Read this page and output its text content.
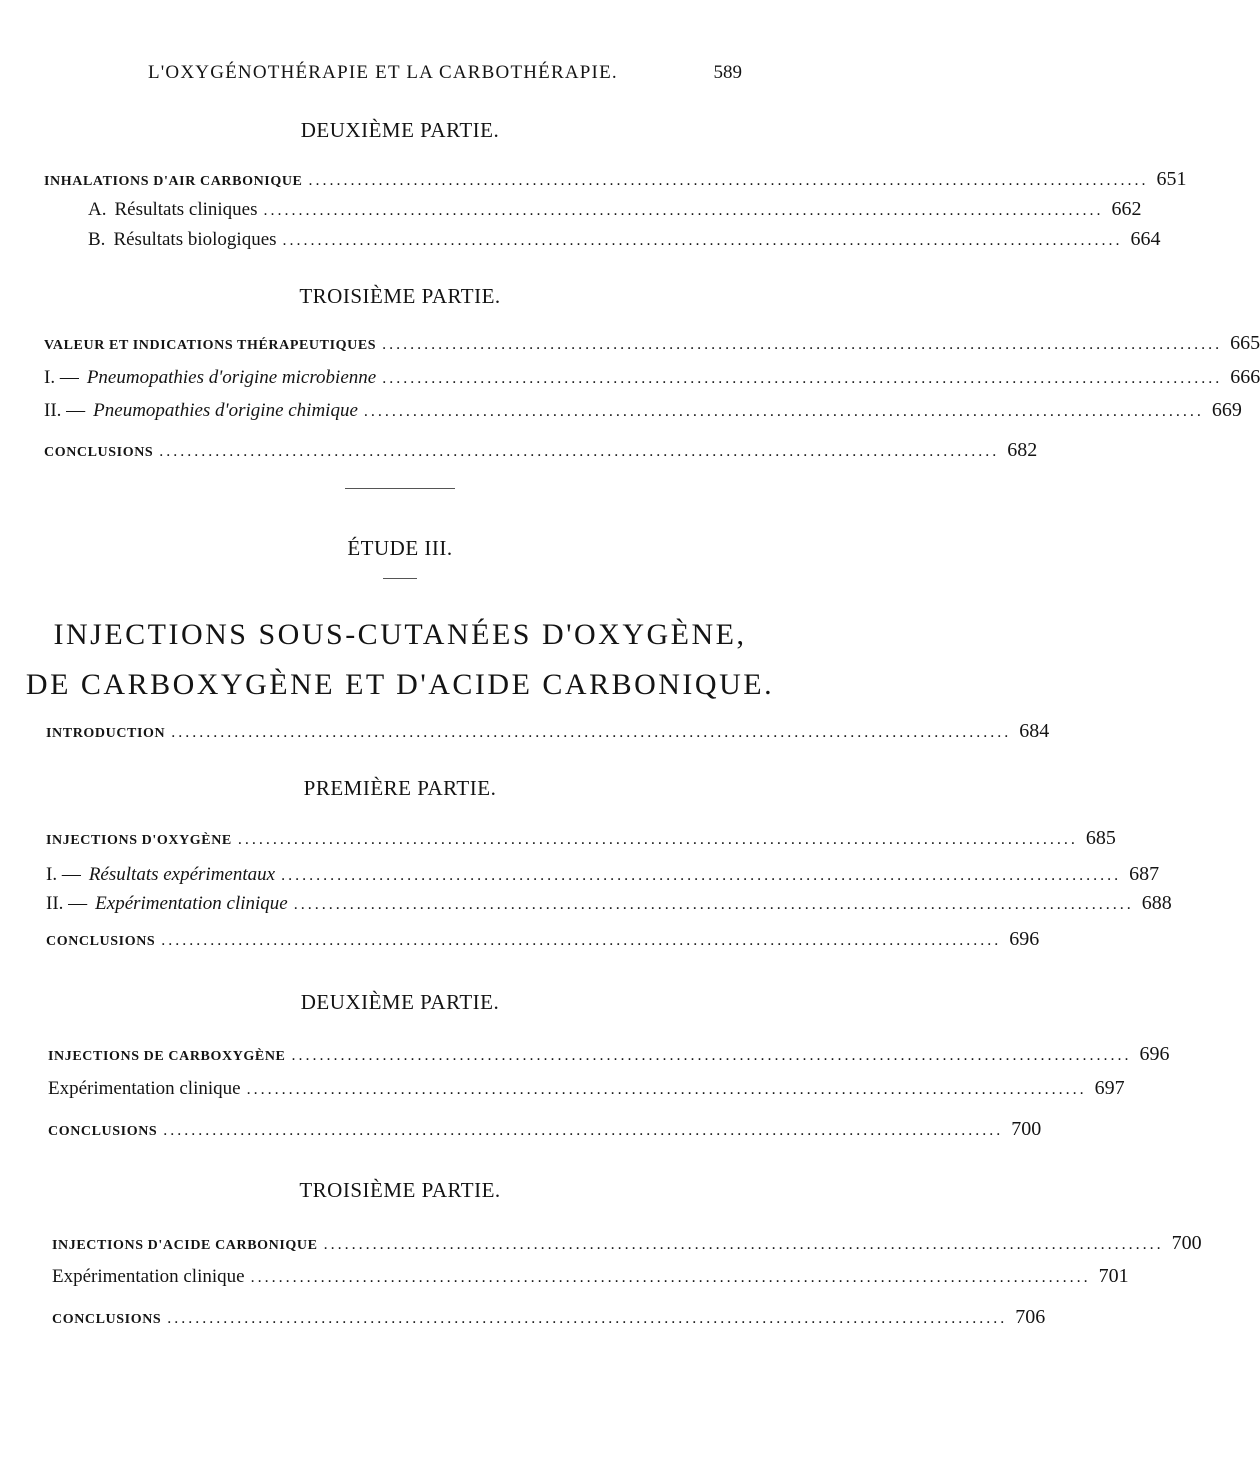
L'OXYGÉNOTHÉRAPIE ET LA CARBOTHÉRAPIE.	589
DEUXIÈME PARTIE.
INHALATIONS D'AIR CARBONIQUE ........................................................................................................................ 651
A. Résultats cliniques ........................................................................................................................ 662
B. Résultats biologiques ........................................................................................................................ 664
TROISIÈME PARTIE.
VALEUR ET INDICATIONS THÉRAPEUTIQUES ........................................................................................................................ 665
I. — Pneumopathies d'origine microbienne ........................................................................................................................ 666
II. — Pneumopathies d'origine chimique ........................................................................................................................ 669
CONCLUSIONS ........................................................................................................................ 682
ÉTUDE III.
INJECTIONS SOUS-CUTANÉES D'OXYGÈNE,
DE CARBOXYGÈNE ET D'ACIDE CARBONIQUE.
INTRODUCTION ........................................................................................................................ 684
PREMIÈRE PARTIE.
INJECTIONS D'OXYGÈNE ........................................................................................................................ 685
I. — Résultats expérimentaux ........................................................................................................................ 687
II. — Expérimentation clinique ........................................................................................................................ 688
CONCLUSIONS ........................................................................................................................ 696
DEUXIÈME PARTIE.
INJECTIONS DE CARBOXYGÈNE ........................................................................................................................ 696
Expérimentation clinique ........................................................................................................................ 697
CONCLUSIONS ........................................................................................................................ 700
TROISIÈME PARTIE.
INJECTIONS D'ACIDE CARBONIQUE ........................................................................................................................ 700
Expérimentation clinique ........................................................................................................................ 701
CONCLUSIONS ........................................................................................................................ 706
